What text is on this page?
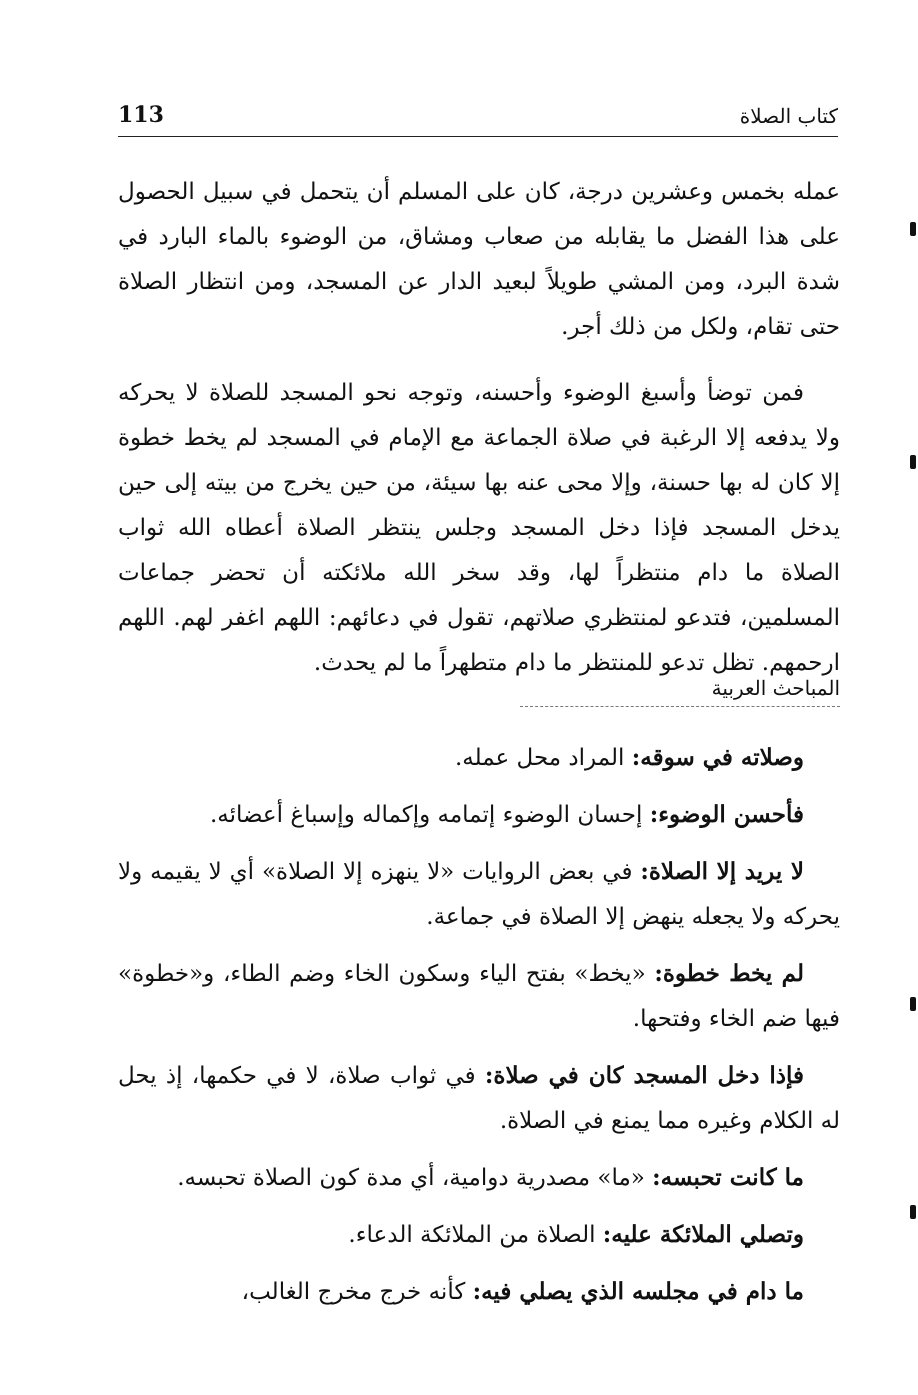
كتاب الصلاة
113

عمله بخمس وعشرين درجة، كان على المسلم أن يتحمل في سبيل الحصول على هذا الفضل ما يقابله من صعاب ومشاق، من الوضوء بالماء البارد في شدة البرد، ومن المشي طويلاً لبعيد الدار عن المسجد، ومن انتظار الصلاة حتى تقام، ولكل من ذلك أجر.

فمن توضأ وأسبغ الوضوء وأحسنه، وتوجه نحو المسجد للصلاة لا يحركه ولا يدفعه إلا الرغبة في صلاة الجماعة مع الإمام في المسجد لم يخط خطوة إلا كان له بها حسنة، وإلا محى عنه بها سيئة، من حين يخرج من بيته إلى حين يدخل المسجد فإذا دخل المسجد وجلس ينتظر الصلاة أعطاه الله ثواب الصلاة ما دام منتظراً لها، وقد سخر الله ملائكته أن تحضر جماعات المسلمين، فتدعو لمنتظري صلاتهم، تقول في دعائهم: اللهم اغفر لهم. اللهم ارحمهم. تظل تدعو للمنتظر ما دام متطهراً ما لم يحدث.

المباحث العربية

وصلاته في سوقه: المراد محل عمله.

فأحسن الوضوء: إحسان الوضوء إتمامه وإكماله وإسباغ أعضائه.

لا يريد إلا الصلاة: في بعض الروايات «لا ينهزه إلا الصلاة» أي لا يقيمه ولا يحركه ولا يجعله ينهض إلا الصلاة في جماعة.

لم يخط خطوة: «يخط» بفتح الياء وسكون الخاء وضم الطاء، و«خطوة» فيها ضم الخاء وفتحها.

فإذا دخل المسجد كان في صلاة: في ثواب صلاة، لا في حكمها، إذ يحل له الكلام وغيره مما يمنع في الصلاة.

ما كانت تحبسه: «ما» مصدرية دوامية، أي مدة كون الصلاة تحبسه.

وتصلي الملائكة عليه: الصلاة من الملائكة الدعاء.

ما دام في مجلسه الذي يصلي فيه: كأنه خرج مخرج الغالب،
